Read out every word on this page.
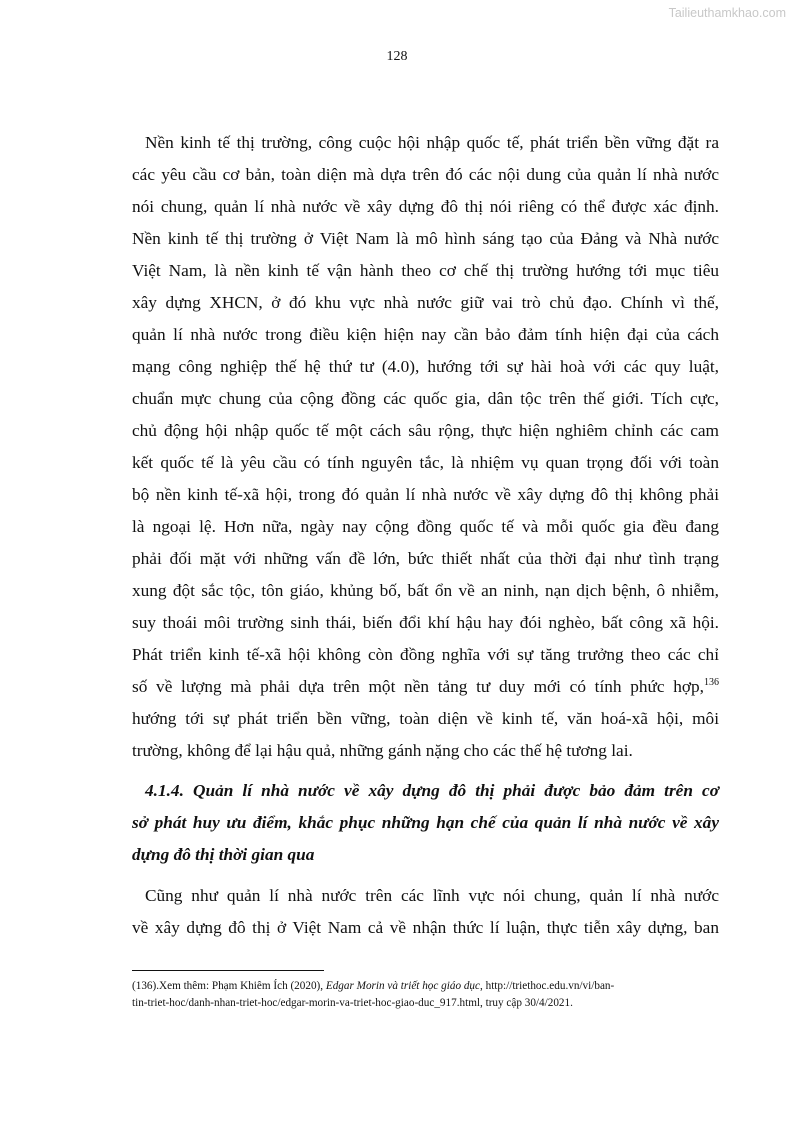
Tailieuthamkhao.com
128
Nền kinh tế thị trường, công cuộc hội nhập quốc tế, phát triển bền vững đặt ra
các yêu cầu cơ bản, toàn diện mà dựa trên đó các nội dung của quản lí nhà nước
nói chung, quản lí nhà nước về xây dựng đô thị nói riêng có thể được xác định.
Nền kinh tế thị trường ở Việt Nam là mô hình sáng tạo của Đảng và Nhà nước
Việt Nam, là nền kinh tế vận hành theo cơ chế thị trường hướng tới mục tiêu
xây dựng XHCN, ở đó khu vực nhà nước giữ vai trò chủ đạo. Chính vì thế,
quản lí nhà nước trong điều kiện hiện nay cần bảo đảm tính hiện đại của cách
mạng công nghiệp thế hệ thứ tư (4.0), hướng tới sự hài hoà với các quy luật,
chuẩn mực chung của cộng đồng các quốc gia, dân tộc trên thế giới. Tích cực,
chủ động hội nhập quốc tế một cách sâu rộng, thực hiện nghiêm chỉnh các cam
kết quốc tế là yêu cầu có tính nguyên tắc, là nhiệm vụ quan trọng đối với toàn
bộ nền kinh tế-xã hội, trong đó quản lí nhà nước về xây dựng đô thị không phải
là ngoại lệ. Hơn nữa, ngày nay cộng đồng quốc tế và mỗi quốc gia đều đang
phải đối mặt với những vấn đề lớn, bức thiết nhất của thời đại như tình trạng
xung đột sắc tộc, tôn giáo, khủng bố, bất ổn về an ninh, nạn dịch bệnh, ô nhiễm,
suy thoái môi trường sinh thái, biến đổi khí hậu hay đói nghèo, bất công xã hội.
Phát triển kinh tế-xã hội không còn đồng nghĩa với sự tăng trưởng theo các chỉ
số về lượng mà phải dựa trên một nền tảng tư duy mới có tính phức hợp,$^{136}$
hướng tới sự phát triển bền vững, toàn diện về kinh tế, văn hoá-xã hội, môi
trường, không để lại hậu quả, những gánh nặng cho các thế hệ tương lai.
4.1.4. Quản lí nhà nước về xây dựng đô thị phải được bảo đảm trên cơ
sở phát huy ưu điểm, khắc phục những hạn chế của quản lí nhà nước về xây
dựng đô thị thời gian qua
Cũng như quản lí nhà nước trên các lĩnh vực nói chung, quản lí nhà nước
về xây dựng đô thị ở Việt Nam cả về nhận thức lí luận, thực tiễn xây dựng, ban
(136).Xem thêm: Phạm Khiêm Ích (2020), Edgar Morin và triết học giáo dục, http://triethoc.edu.vn/vi/ban-
tin-triet-hoc/danh-nhan-triet-hoc/edgar-morin-va-triet-hoc-giao-duc_917.html, truy cập 30/4/2021.
